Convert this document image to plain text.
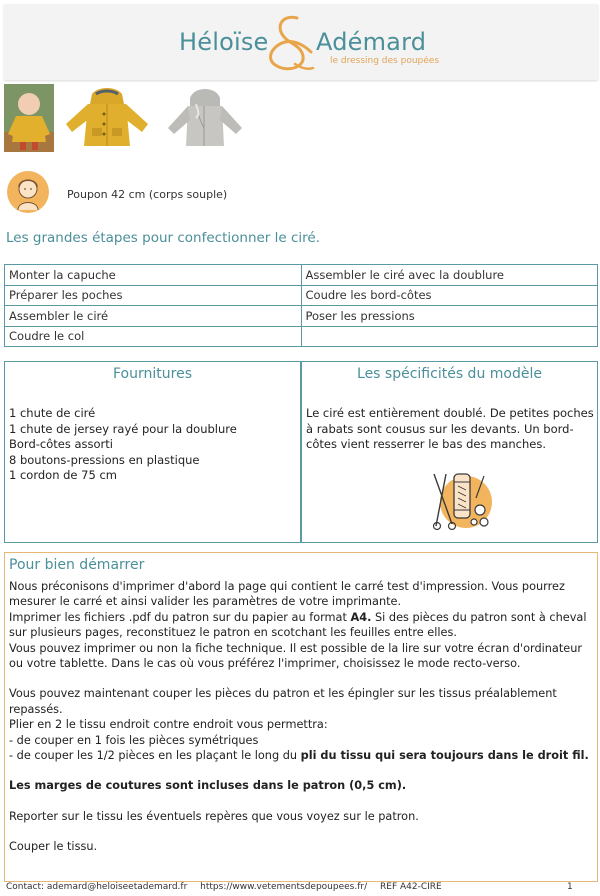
Héloïse Adémard
le dressing des poupées
Poupon 42 cm (corps souple)
Les grandes étapes pour confectionner le ciré.
Monter la capuche	Assembler le ciré avec la doublure
Préparer les poches	Coudre les bord-côtes
Assembler le ciré	Poser les pressions
Coudre le col	
Fournitures
1 chute de ciré
1 chute de jersey rayé pour la doublure
Bord-côtes assorti
8 boutons-pressions en plastique
1 cordon de 75 cm
Les spécificités du modèle
Le ciré est entièrement doublé. De petites poches à rabats sont cousus sur les devants. Un bord-côtes vient resserrer le bas des manches.
Pour bien démarrer

Nous préconisons d'imprimer d'abord la page qui contient le carré test d'impression. Vous pourrez mesurer le carré et ainsi valider les paramètres de votre imprimante.

Imprimer les fichiers .pdf du patron sur du papier au format A4. Si des pièces du patron sont à cheval sur plusieurs pages, reconstituez le patron en scotchant les feuilles entre elles.

Vous pouvez imprimer ou non la fiche technique. Il est possible de la lire sur votre écran d'ordinateur ou votre tablette. Dans le cas où vous préférez l'imprimer, choisissez le mode recto-verso.

Vous pouvez maintenant couper les pièces du patron et les épingler sur les tissus préalablement repassés.

Plier en 2 le tissu endroit contre endroit vous permettra:

- de couper en 1 fois les pièces symétriques

- de couper les 1/2 pièces en les plaçant le long du pli du tissu qui sera toujours dans le droit fil.

Les marges de coutures sont incluses dans le patron (0,5 cm).

Reporter sur le tissu les éventuels repères que vous voyez sur le patron.

Couper le tissu.

Contact: ademard@heloiseetademard.fr https://www.vetementsdepoupees.fr/ REF A42-CIRE	1
